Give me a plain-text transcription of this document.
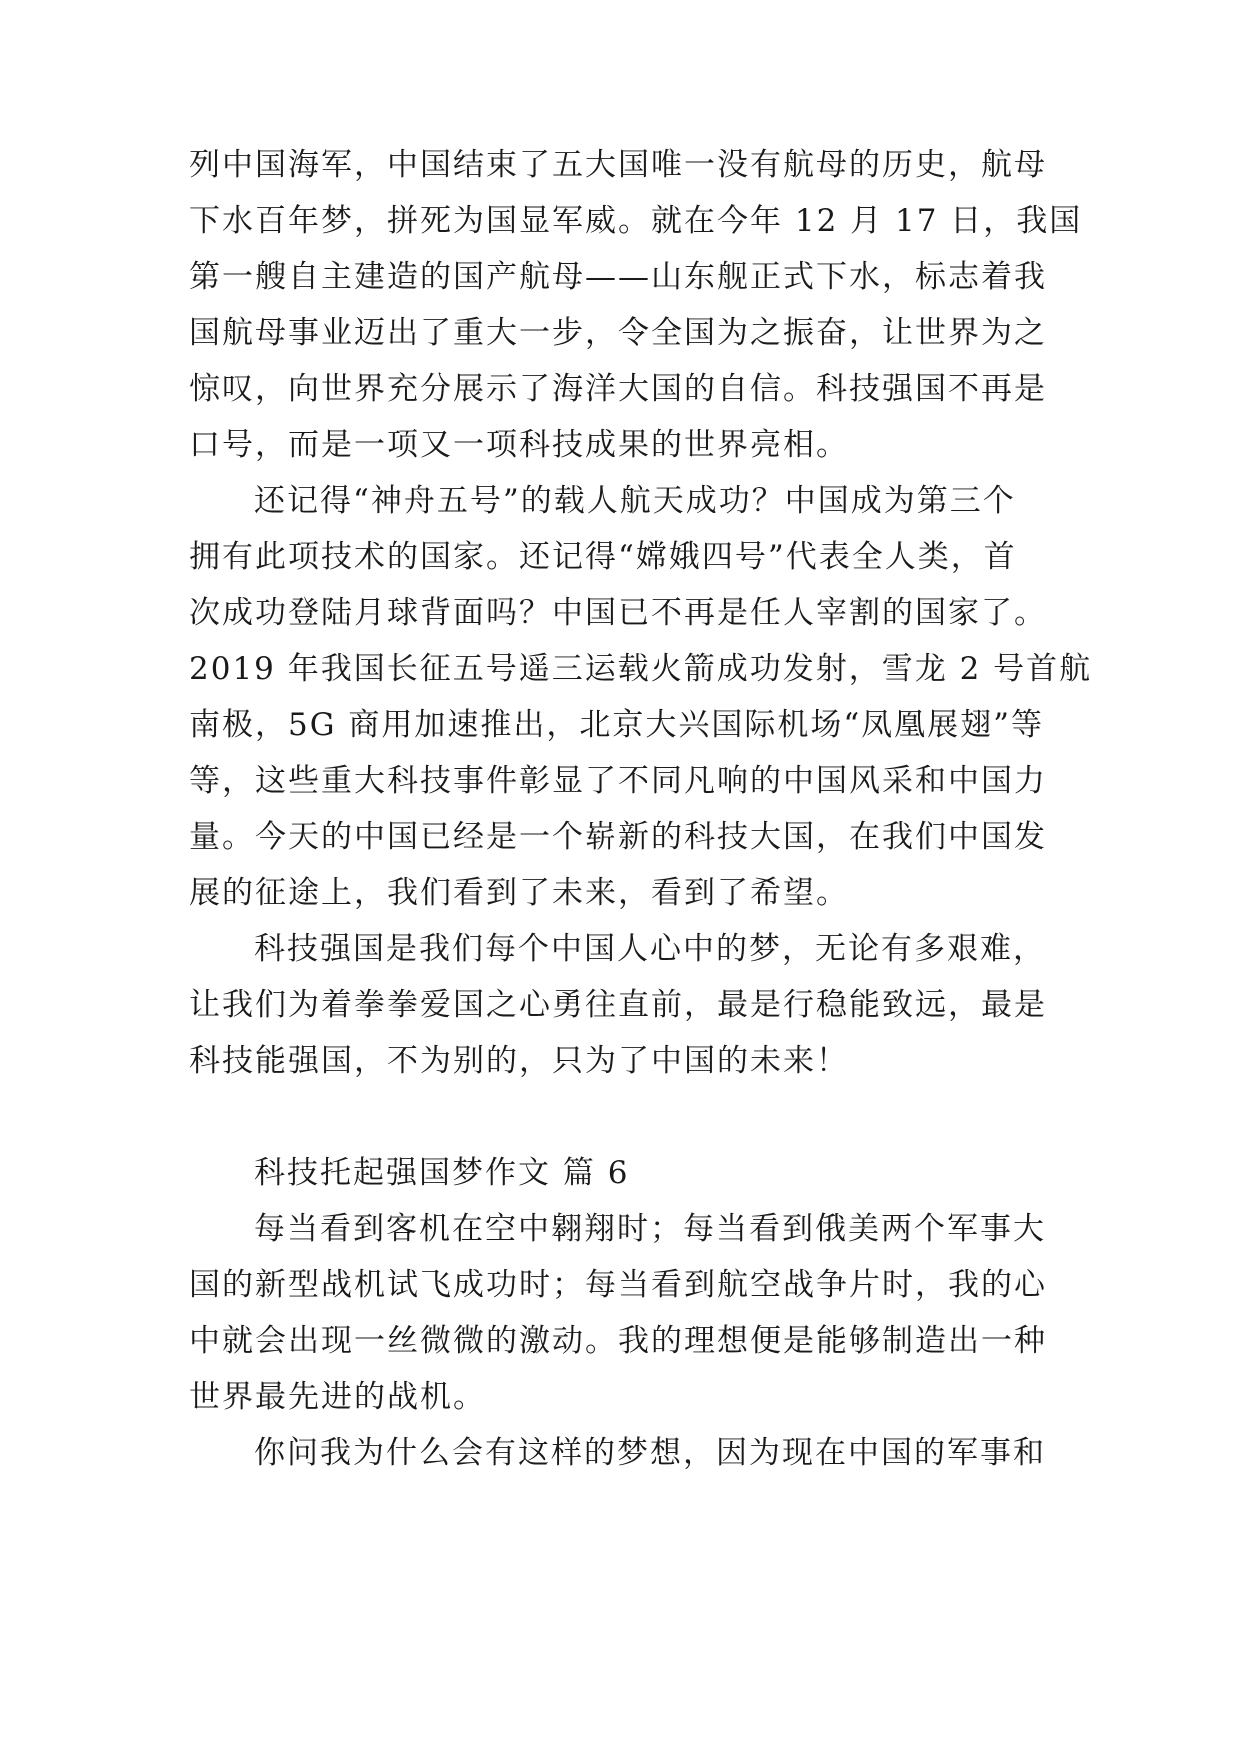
列中国海军，中国结束了五大国唯一没有航母的历史，航母
下水百年梦，拼死为国显军威。就在今年 12 月 17 日，我国
第一艘自主建造的国产航母——山东舰正式下水，标志着我
国航母事业迈出了重大一步，令全国为之振奋，让世界为之
惊叹，向世界充分展示了海洋大国的自信。科技强国不再是
口号，而是一项又一项科技成果的世界亮相。
还记得“神舟五号”的载人航天成功？中国成为第三个
拥有此项技术的国家。还记得“嫦娥四号”代表全人类，首
次成功登陆月球背面吗？中国已不再是任人宰割的国家了。
2019 年我国长征五号遥三运载火箭成功发射，雪龙 2 号首航
南极，5G 商用加速推出，北京大兴国际机场“凤凰展翅”等
等，这些重大科技事件彰显了不同凡响的中国风采和中国力
量。今天的中国已经是一个崭新的科技大国，在我们中国发
展的征途上，我们看到了未来，看到了希望。
科技强国是我们每个中国人心中的梦，无论有多艰难，
让我们为着拳拳爱国之心勇往直前，最是行稳能致远，最是
科技能强国，不为别的，只为了中国的未来！
科技托起强国梦作文 篇 6
每当看到客机在空中翱翔时；每当看到俄美两个军事大
国的新型战机试飞成功时；每当看到航空战争片时，我的心
中就会出现一丝微微的激动。我的理想便是能够制造出一种
世界最先进的战机。
你问我为什么会有这样的梦想，因为现在中国的军事和
